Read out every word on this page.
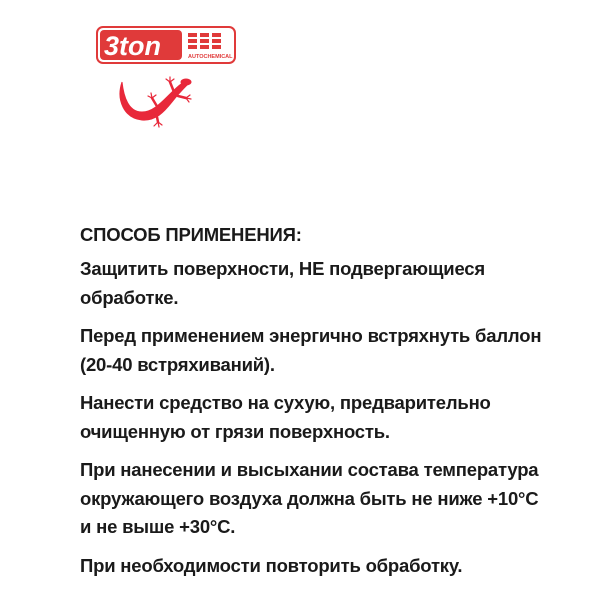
3ton	AUTOCHEMICAL

СПОСОБ ПРИМЕНЕНИЯ:

Защитить поверхности, НЕ подвергающиеся обработке.

Перед применением энергично встряхнуть баллон (20-40 встряхиваний).

Нанести средство на сухую, предварительно очищенную от грязи поверхность.

При нанесении и высыхании состава температура окружающего воздуха должна быть не ниже +10°С и не выше +30°С.

При необходимости повторить обработку.
